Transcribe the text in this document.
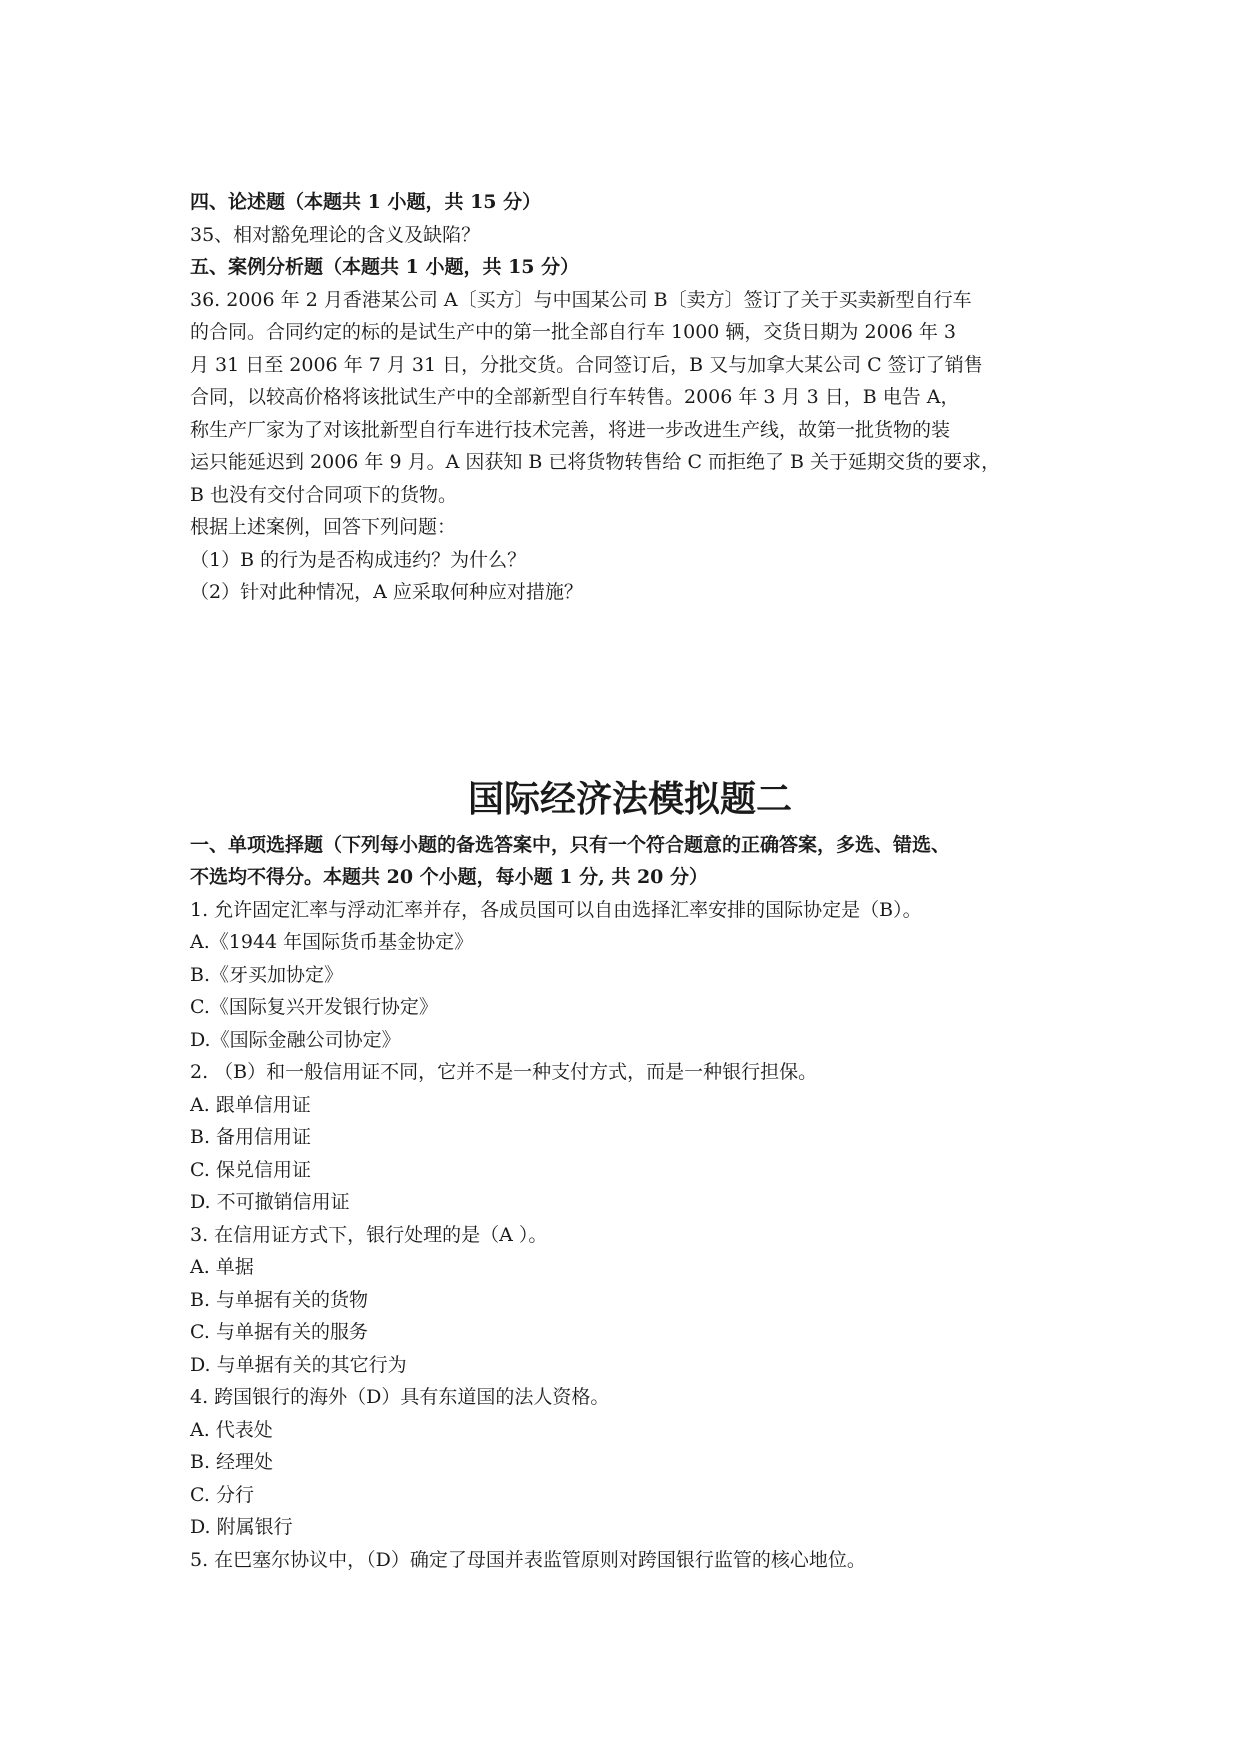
四、论述题（本题共 1 小题，共 15 分）
35、相对豁免理论的含义及缺陷？
五、案例分析题（本题共 1 小题，共 15 分）
36. 2006 年 2 月香港某公司 A〔买方〕与中国某公司 B〔卖方〕签订了关于买卖新型自行车
的合同。合同约定的标的是试生产中的第一批全部自行车 1000 辆，交货日期为 2006 年 3
月 31 日至 2006 年 7 月 31 日，分批交货。合同签订后，B 又与加拿大某公司 C 签订了销售
合同，以较高价格将该批试生产中的全部新型自行车转售。2006 年 3 月 3 日，B 电告 A，
称生产厂家为了对该批新型自行车进行技术完善，将进一步改进生产线，故第一批货物的装
运只能延迟到 2006 年 9 月。A 因获知 B 已将货物转售给 C 而拒绝了 B 关于延期交货的要求，
B 也没有交付合同项下的货物。
根据上述案例，回答下列问题：
（1）B 的行为是否构成违约？为什么？
（2）针对此种情况，A 应采取何种应对措施？
国际经济法模拟题二
一、单项选择题（下列每小题的备选答案中，只有一个符合题意的正确答案，多选、错选、
不选均不得分。本题共 20 个小题，每小题 1 分, 共 20 分）
1. 允许固定汇率与浮动汇率并存，各成员国可以自由选择汇率安排的国际协定是（B）。
A.《1944 年国际货币基金协定》
B.《牙买加协定》
C.《国际复兴开发银行协定》
D.《国际金融公司协定》
2. （B）和一般信用证不同，它并不是一种支付方式，而是一种银行担保。
A. 跟单信用证
B. 备用信用证
C. 保兑信用证
D. 不可撤销信用证
3. 在信用证方式下，银行处理的是（A ）。
A. 单据
B. 与单据有关的货物
C. 与单据有关的服务
D. 与单据有关的其它行为
4. 跨国银行的海外（D）具有东道国的法人资格。
A. 代表处
B. 经理处
C. 分行
D. 附属银行
5. 在巴塞尔协议中，（D）确定了母国并表监管原则对跨国银行监管的核心地位。
